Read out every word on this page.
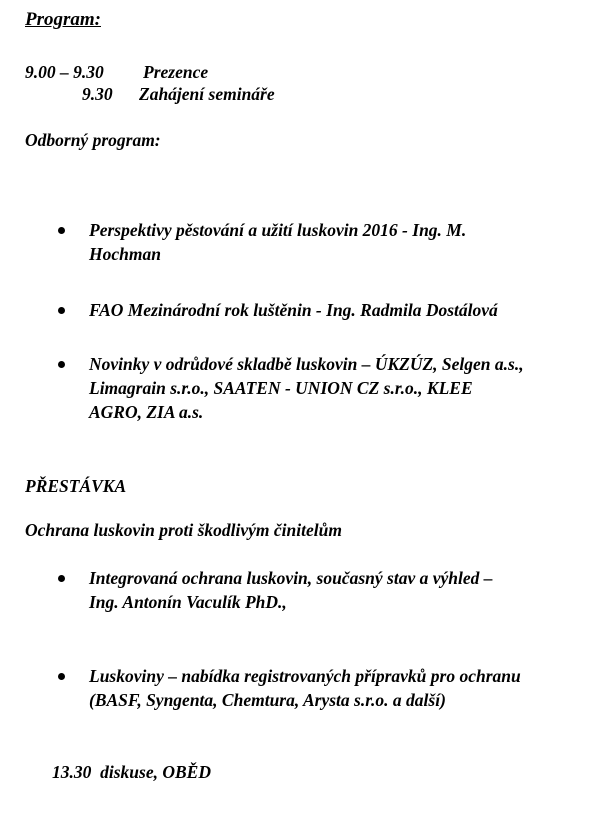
Program:
9.00 – 9.30 Prezence
9.30 Zahájení semináře
Odborný program:
Perspektivy pěstování a užití luskovin 2016 - Ing. M.
Hochman
FAO Mezinárodní rok luštěnin - Ing. Radmila Dostálová
Novinky v odrůdové skladbě luskovin – ÚKZÚZ, Selgen a.s.,
Limagrain s.r.o., SAATEN - UNION CZ s.r.o., KLEE
AGRO, ZIA a.s.
PŘESTÁVKA
Ochrana luskovin proti škodlivým činitelům
Integrovaná ochrana luskovin, současný stav a výhled –
Ing. Antonín Vaculík PhD.,
Luskoviny – nabídka registrovaných přípravků pro ochranu
(BASF, Syngenta, Chemtura, Arysta s.r.o. a další)
13.30  diskuse, OBĚD
